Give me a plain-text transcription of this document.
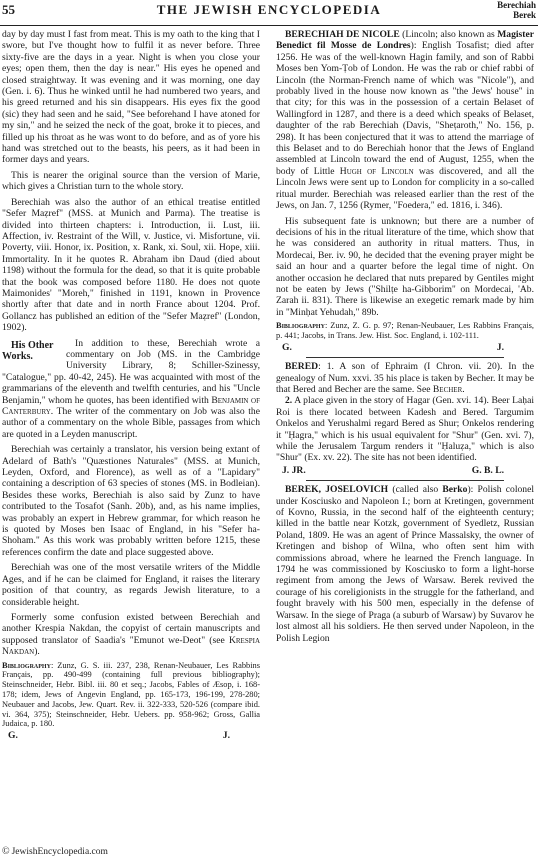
55	THE JEWISH ENCYCLOPEDIA	Berechiah
Berek

day by day must I fast from meat. This is my oath to the king that I swore, but I've thought how to fulfil it as never before. Three sixty-five are the days in a year. Night is when you close your eyes; open them, then the day is near." His eyes he opened and closed straightway. It was evening and it was morning, one day (Gen. i. 6). Thus he winked until he had numbered two years, and his greed returned and his sin disappears. His eyes fix the good (sic) they had seen and he said, "See beforehand I have atoned for my sin," and he seized the neck of the goat, broke it to pieces, and filled up his throat as he was wont to do before, and as of yore his hand was stretched out to the beasts, his peers, as it had been in former days and years.

This is nearer the original source than the version of Marie, which gives a Christian turn to the whole story.

Berechiah was also the author of an ethical treatise entitled "Sefer Maẓref" (MSS. at Munich and Parma). The treatise is divided into thirteen chapters: i. Introduction, ii. Lust, iii. Affection, iv. Restraint of the Will, v. Justice, vi. Misfortune, vii. Poverty, viii. Honor, ix. Position, x. Rank, xi. Soul, xii. Hope, xiii. Immortality. In it he quotes R. Abraham ibn Daud (died about 1198) without the formula for the dead, so that it is quite probable that the book was composed before 1180. He does not quote Maimonides' "Moreh," finished in 1191, known in Provence shortly after that date and in north France about 1204. Prof. Gollancz has published an edition of the "Sefer Maẓref" (London, 1902).

His Other
Works.
In addition to these, Berechiah wrote a commentary on Job (MS. in the Cambridge University Library, 8; Schiller-Szinessy, "Catalogue," pp. 40-42, 245). He was acquainted with most of the grammarians of the eleventh and twelfth centuries, and his "Uncle Benjamin," whom he quotes, has been identified with Benjamin of Canterbury. The writer of the commentary on Job was also the author of a commentary on the whole Bible, passages from which are quoted in a Leyden manuscript.

Berechiah was certainly a translator, his version being extant of Adelard of Bath's "Quæstiones Naturales" (MSS. at Munich, Leyden, Oxford, and Florence), as well as of a "Lapidary" containing a description of 63 species of stones (MS. in Bodleian). Besides these works, Berechiah is also said by Zunz to have contributed to the Tosafot (Sanh. 20b), and, as his name implies, was probably an expert in Hebrew grammar, for which reason he is quoted by Moses ben Isaac of England, in his "Sefer ha-Shoham." As this work was probably written before 1215, these references confirm the date and place suggested above.

Berechiah was one of the most versatile writers of the Middle Ages, and if he can be claimed for England, it raises the literary position of that country, as regards Jewish literature, to a considerable height.

Formerly some confusion existed between Berechiah and another Krespia Nakdan, the copyist of certain manuscripts and supposed translator of Saadia's "Emunot we-Deot" (see Krespia Nakdan).

Bibliography: Zunz, G. S. iii. 237, 238, Renan-Neubauer, Les Rabbins Français, pp. 490-499 (containing full previous bibliography); Steinschneider, Hebr. Bibl. iii. 80 et seq.; Jacobs, Fables of Æsop, i. 168-178; idem, Jews of Angevin England, pp. 165-173, 196-199, 278-280; Neubauer and Jacobs, Jew. Quart. Rev. ii. 322-333, 520-526 (compare ibid. vi. 364, 375); Steinschneider, Hebr. Uebers. pp. 958-962; Gross, Gallia Judaica, p. 180.

G.	J.

BERECHIAH DE NICOLE (Lincoln; also known as Magister Benedict fil Mosse de Londres): English Tosafist; died after 1256. He was of the well-known Hagin family, and son of Rabbi Moses ben Yom-Ṭob of London. He was the rab or chief rabbi of Lincoln (the Norman-French name of which was "Nicole"), and probably lived in the house now known as "the Jews' house" in that city; for this was in the possession of a certain Belaset of Wallingford in 1287, and there is a deed which speaks of Belaset, daughter of the rab Berechiah (Davis, "Sheṭaroth," No. 156, p. 298). It has been conjectured that it was to attend the marriage of this Belaset and to do Berechiah honor that the Jews of England assembled at Lincoln toward the end of August, 1255, when the body of Little Hugh of Lincoln was discovered, and all the Lincoln Jews were sent up to London for complicity in a so-called ritual murder. Berechiah was released earlier than the rest of the Jews, on Jan. 7, 1256 (Rymer, "Foedera," ed. 1816, i. 346).

His subsequent fate is unknown; but there are a number of decisions of his in the ritual literature of the time, which show that he was considered an authority in ritual matters. Thus, in Mordecai, Ber. iv. 90, he decided that the evening prayer might be said an hour and a quarter before the legal time of night. On another occasion he declared that nuts prepared by Gentiles might not be eaten by Jews ("Shilṭe ha-Gibborim" on Mordecai, 'Ab. Zarah ii. 831). There is likewise an exegetic remark made by him in "Minḥat Yehudah," 89b.

Bibliography: Zunz, Z. G. p. 97; Renan-Neubauer, Les Rabbins Français, p. 441; Jacobs, in Trans. Jew. Hist. Soc. England, i. 102-111.

G.	J.

BERED: 1. A son of Ephraim (I Chron. vii. 20). In the genealogy of Num. xxvi. 35 his place is taken by Becher. It may be that Bered and Becher are the same. See Becher.

2. A place given in the story of Hagar (Gen. xvi. 14). Beer Laḥai Roi is there located between Kadesh and Bered. Targumim Onkelos and Yerushalmi regard Bered as Shur; Onkelos rendering it "Ḥagra," which is his usual equivalent for "Shur" (Gen. xvi. 7), while the Jerusalem Targum renders it "Ḥaluẓa," which is also "Shur" (Ex. xv. 22). The site has not been identified.

J. JR.	G. B. L.

BEREK, JOSELOVICH (called also Berko): Polish colonel under Kosciusko and Napoleon I.; born at Kretingen, government of Kovno, Russia, in the second half of the eighteenth century; killed in the battle near Kotzk, government of Syedletz, Russian Poland, 1809. He was an agent of Prince Massalsky, the owner of Kretingen and bishop of Wilna, who often sent him with commissions abroad, where he learned the French language. In 1794 he was commissioned by Kosciusko to form a light-horse regiment from among the Jews of Warsaw. Berek revived the courage of his coreligionists in the struggle for the fatherland, and fought bravely with his 500 men, especially in the defense of Warsaw. In the siege of Praga (a suburb of Warsaw) by Suvarov he lost almost all his soldiers. He then served under Napoleon, in the Polish Legion

© JewishEncyclopedia.com
